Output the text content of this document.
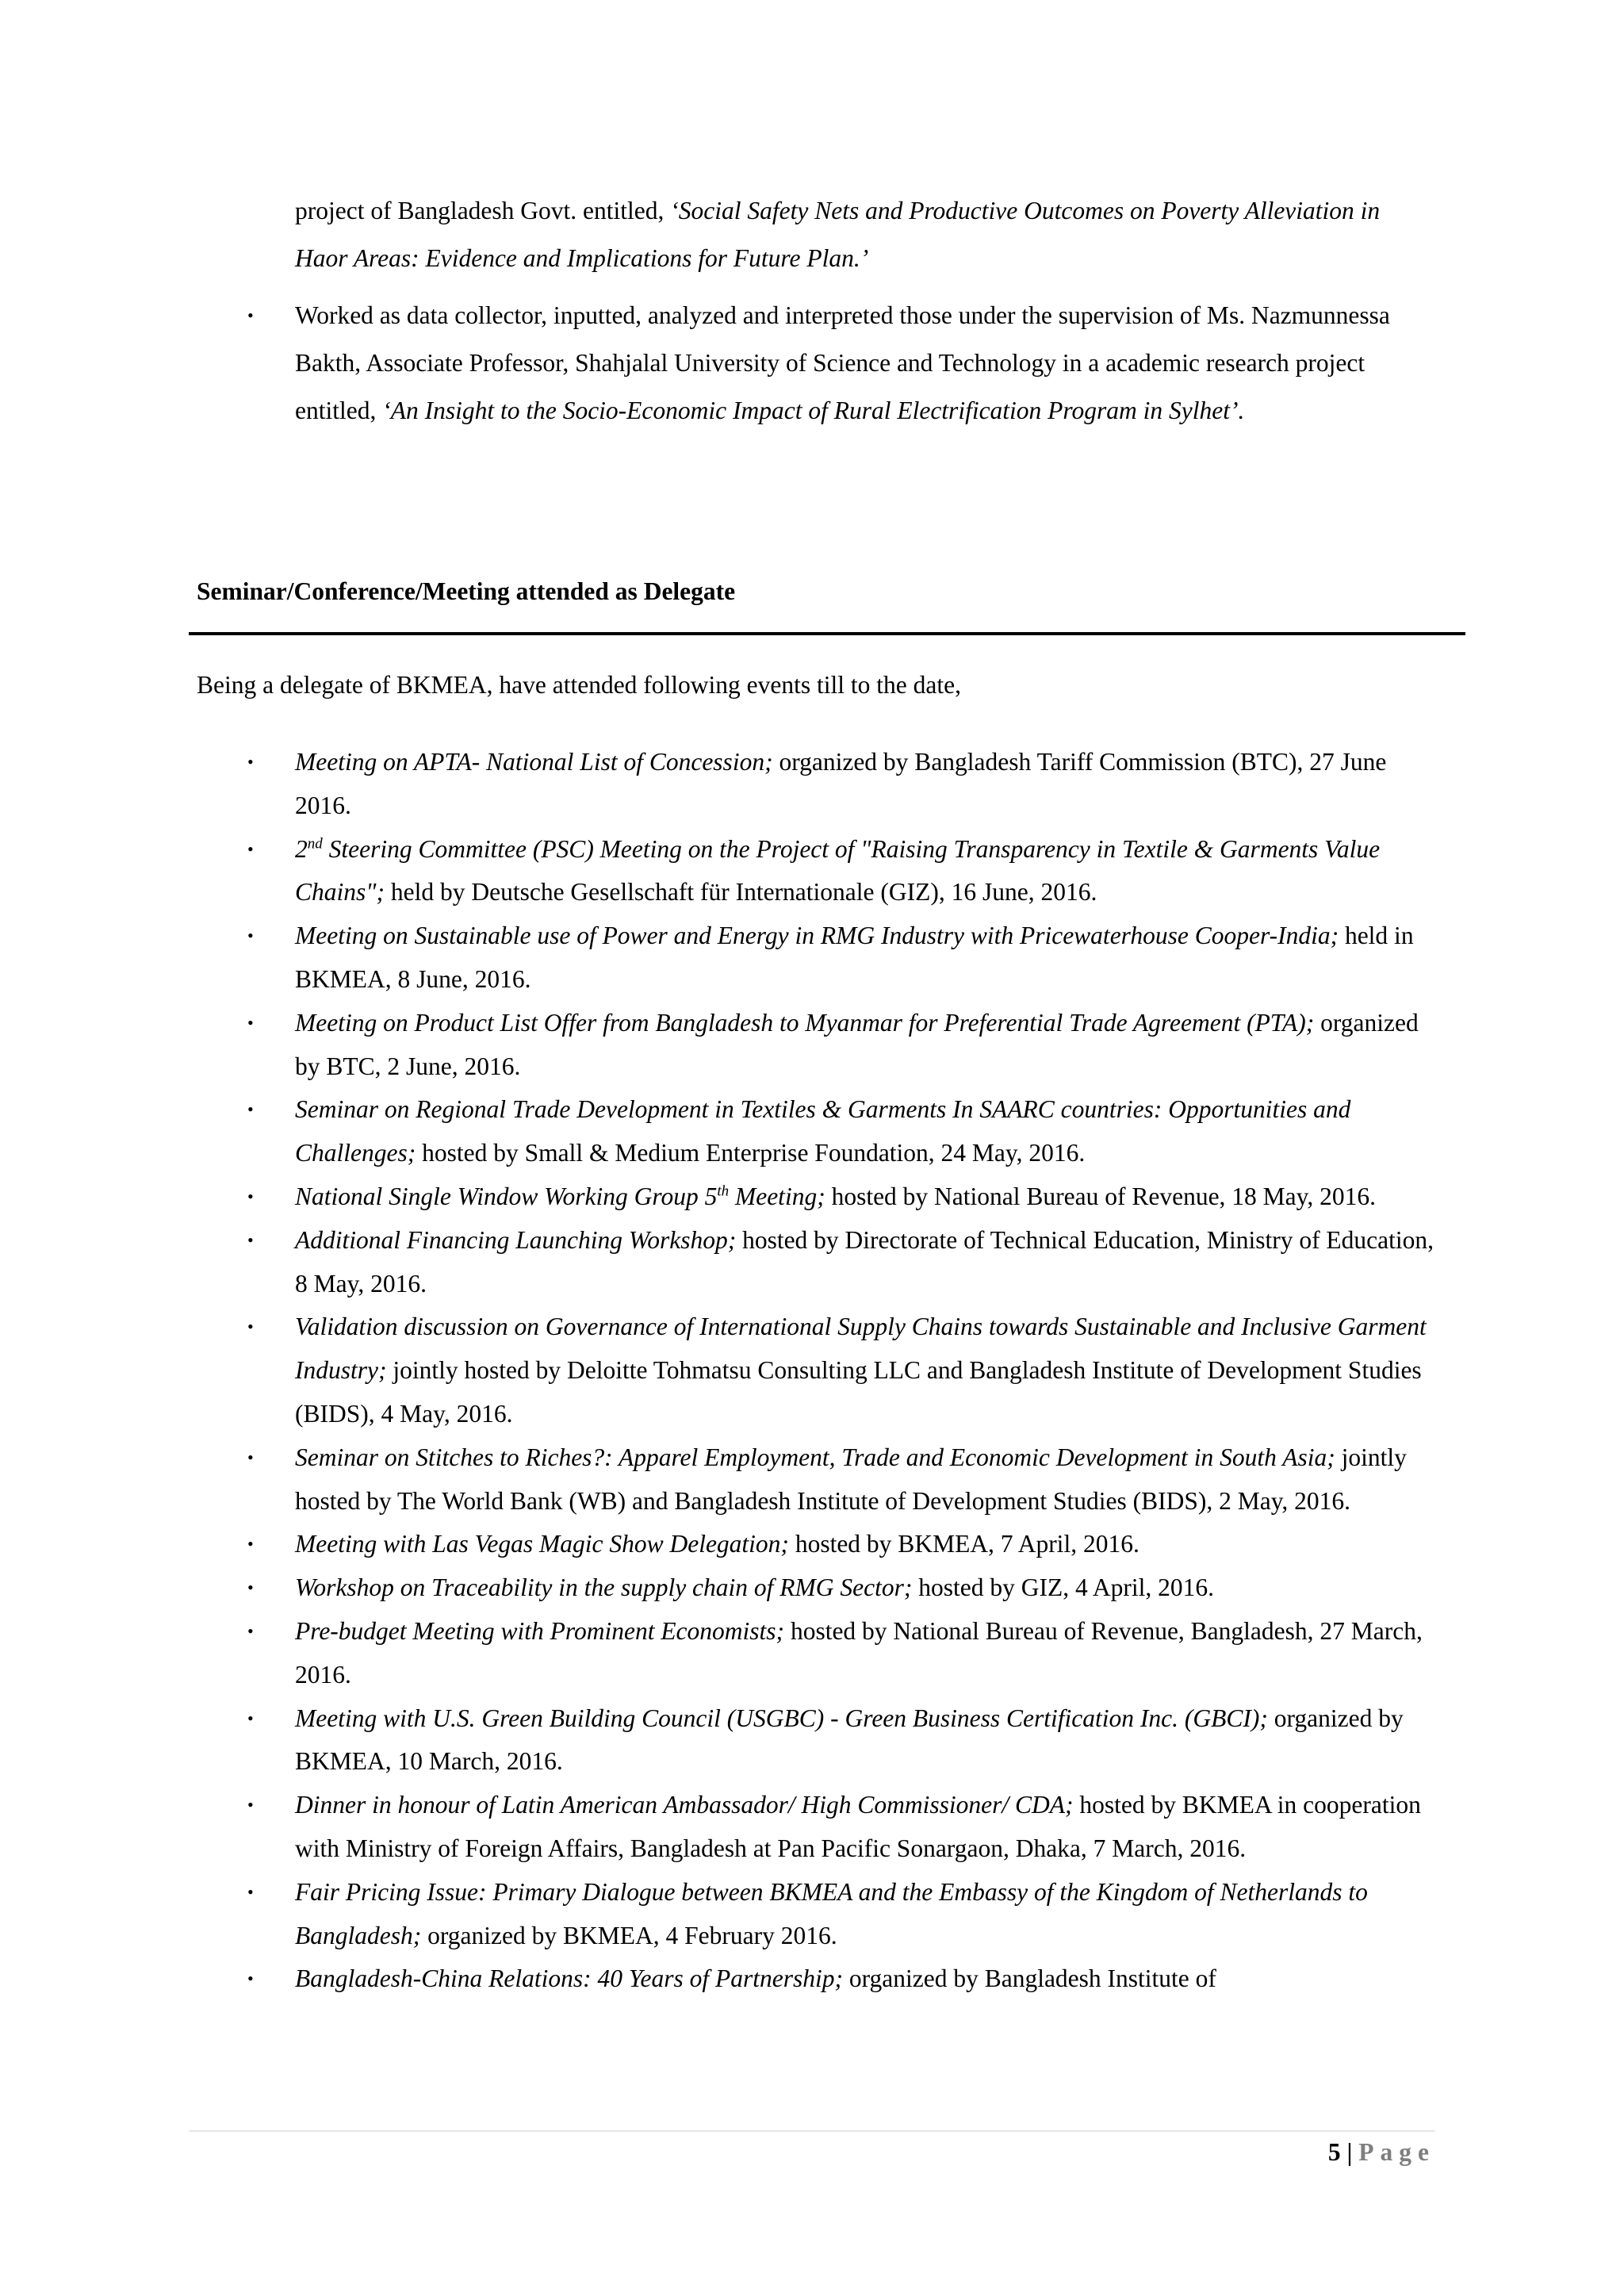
project of Bangladesh Govt. entitled, ‘Social Safety Nets and Productive Outcomes on Poverty Alleviation in Haor Areas: Evidence and Implications for Future Plan.’

• Worked as data collector, inputted, analyzed and interpreted those under the supervision of Ms. Nazmunnessa Bakth, Associate Professor, Shahjalal University of Science and Technology in a academic research project entitled, ‘An Insight to the Socio-Economic Impact of Rural Electrification Program in Sylhet’.

Seminar/Conference/Meeting attended as Delegate

Being a delegate of BKMEA, have attended following events till to the date,

• Meeting on APTA- National List of Concession; organized by Bangladesh Tariff Commission (BTC), 27 June 2016.
• 2nd Steering Committee (PSC) Meeting on the Project of "Raising Transparency in Textile & Garments Value Chains"; held by Deutsche Gesellschaft für Internationale (GIZ), 16 June, 2016.
• Meeting on Sustainable use of Power and Energy in RMG Industry with Pricewaterhouse Cooper-India; held in BKMEA, 8 June, 2016.
• Meeting on Product List Offer from Bangladesh to Myanmar for Preferential Trade Agreement (PTA); organized by BTC, 2 June, 2016.
• Seminar on Regional Trade Development in Textiles & Garments In SAARC countries: Opportunities and Challenges; hosted by Small & Medium Enterprise Foundation, 24 May, 2016.
• National Single Window Working Group 5th Meeting; hosted by National Bureau of Revenue, 18 May, 2016.
• Additional Financing Launching Workshop; hosted by Directorate of Technical Education, Ministry of Education, 8 May, 2016.
• Validation discussion on Governance of International Supply Chains towards Sustainable and Inclusive Garment Industry; jointly hosted by Deloitte Tohmatsu Consulting LLC and Bangladesh Institute of Development Studies (BIDS), 4 May, 2016.
• Seminar on Stitches to Riches?: Apparel Employment, Trade and Economic Development in South Asia; jointly hosted by The World Bank (WB) and Bangladesh Institute of Development Studies (BIDS), 2 May, 2016.
• Meeting with Las Vegas Magic Show Delegation; hosted by BKMEA, 7 April, 2016.
• Workshop on Traceability in the supply chain of RMG Sector; hosted by GIZ, 4 April, 2016.
• Pre-budget Meeting with Prominent Economists; hosted by National Bureau of Revenue, Bangladesh, 27 March, 2016.
• Meeting with U.S. Green Building Council (USGBC) - Green Business Certification Inc. (GBCI); organized by BKMEA, 10 March, 2016.
• Dinner in honour of Latin American Ambassador/ High Commissioner/ CDA; hosted by BKMEA in cooperation with Ministry of Foreign Affairs, Bangladesh at Pan Pacific Sonargaon, Dhaka, 7 March, 2016.
• Fair Pricing Issue: Primary Dialogue between BKMEA and the Embassy of the Kingdom of Netherlands to Bangladesh; organized by BKMEA, 4 February 2016.
• Bangladesh-China Relations: 40 Years of Partnership; organized by Bangladesh Institute of
5 | Page
